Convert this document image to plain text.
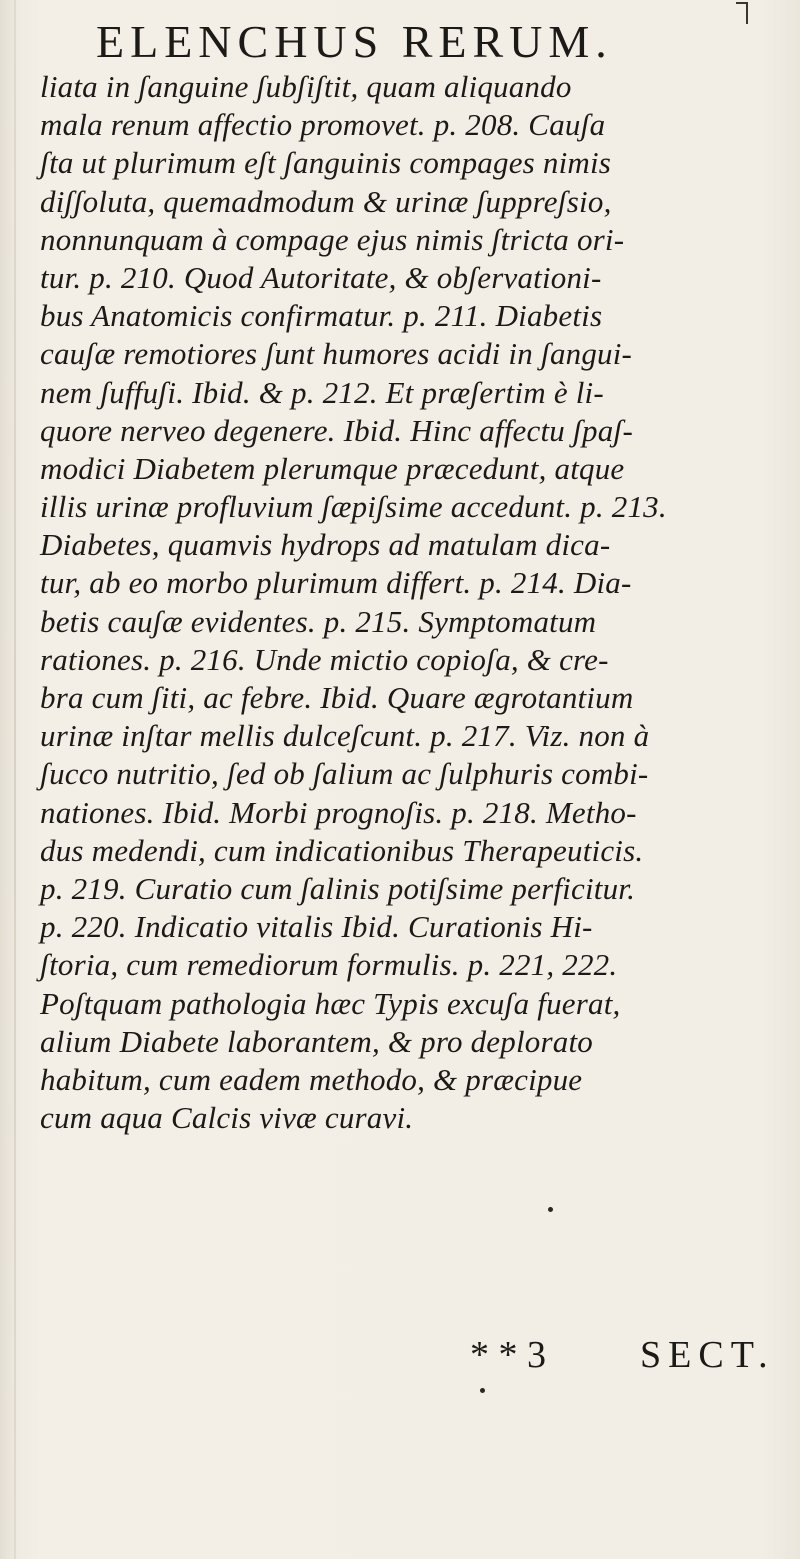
ELENCHUS RERUM.
liata in ʃanguine ʃubʃiʃtit, quam aliquando
mala renum affectio promovet. p. 208. Cauʃa
ʃta ut plurimum eʃt ʃanguinis compages nimis
diʃʃoluta, quemadmodum & urinæ ʃuppreʃsio,
nonnunquam à compage ejus nimis ʃtricta ori-
tur. p. 210. Quod Autoritate, & obʃervationi-
bus Anatomicis confirmatur. p. 211. Diabetis
cauʃæ remotiores ʃunt humores acidi in ʃangui-
nem ʃuffuʃi. Ibid. & p. 212. Et præʃertim è li-
quore nerveo degenere. Ibid. Hinc affectu ʃpaʃ-
modici Diabetem plerumque præcedunt, atque
illis urinæ profluvium ʃæpiʃsime accedunt. p. 213.
Diabetes, quamvis hydrops ad matulam dica-
tur, ab eo morbo plurimum differt. p. 214. Dia-
betis cauʃæ evidentes. p. 215. Symptomatum
rationes. p. 216. Unde mictio copioʃa, & cre-
bra cum ʃiti, ac febre. Ibid. Quare ægrotantium
urinæ inʃtar mellis dulceʃcunt. p. 217. Viz. non à
ʃucco nutritio, ʃed ob ʃalium ac ʃulphuris combi-
nationes. Ibid. Morbi prognoʃis. p. 218. Metho-
dus medendi, cum indicationibus Therapeuticis.
p. 219. Curatio cum ʃalinis potiʃsime perficitur.
p. 220. Indicatio vitalis Ibid. Curationis Hi-
ʃtoria, cum remediorum formulis. p. 221, 222.
Poʃtquam pathologia hæc Typis excuʃa fuerat,
alium Diabete laborantem, & pro deplorato
habitum, cum eadem methodo, & præcipue
cum aqua Calcis vivæ curavi.
* * 3 SECT.
